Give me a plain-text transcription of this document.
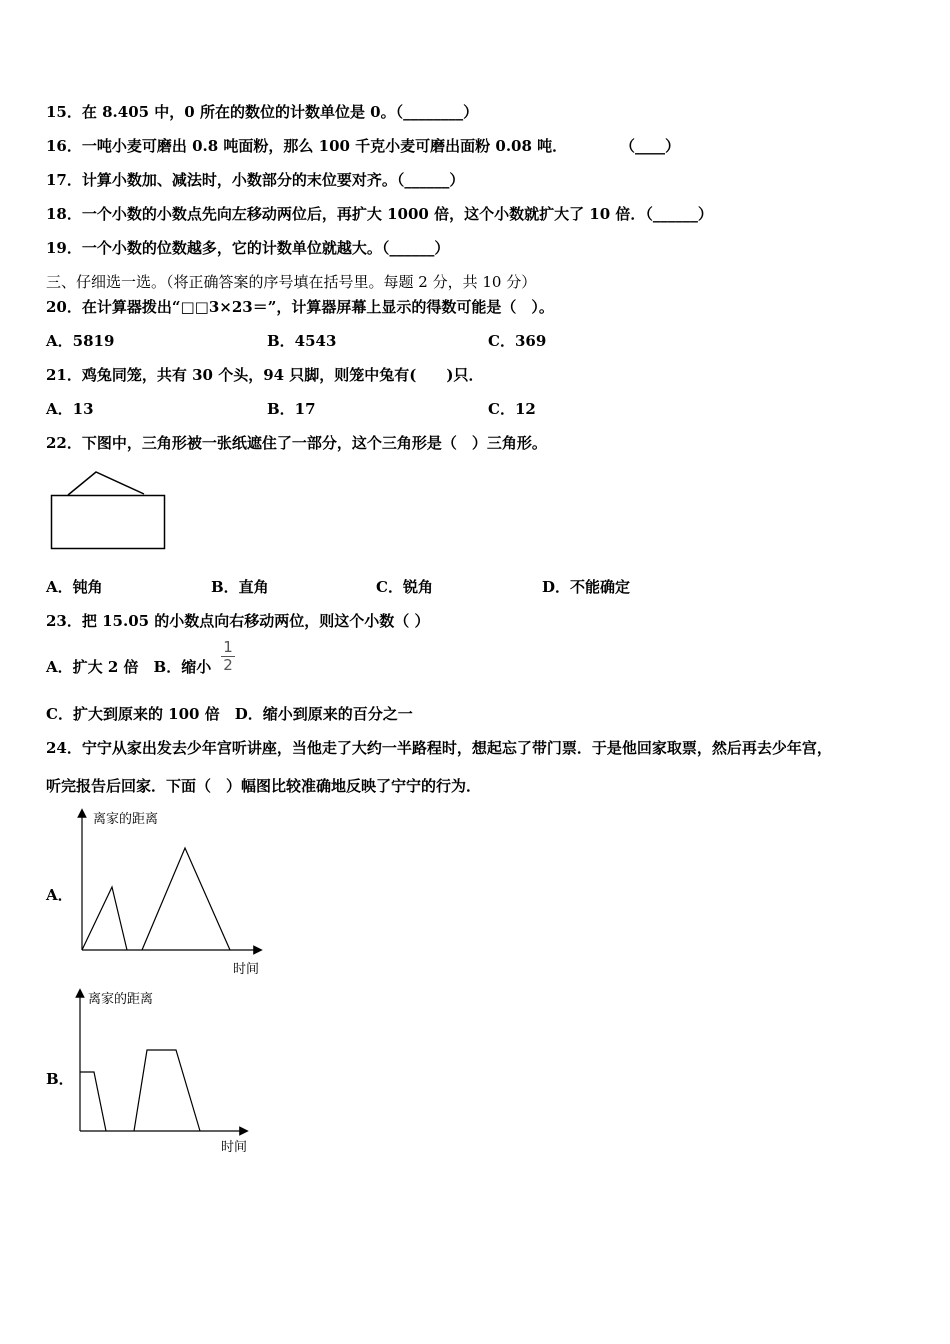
15．在 8.405 中，0 所在的数位的计数单位是 0。（________）
16．一吨小麦可磨出 0.8 吨面粉，那么 100 千克小麦可磨出面粉 0.08 吨．	（____）
17．计算小数加、减法时，小数部分的末位要对齐。（______）
18．一个小数的小数点先向左移动两位后，再扩大 1000 倍，这个小数就扩大了 10 倍．（______）
19．一个小数的位数越多，它的计数单位就越大。（______）
三、仔细选一选。（将正确答案的序号填在括号里。每题 2 分，共 10 分）
20．在计算器拨出“□□3×23＝”，计算器屏幕上显示的得数可能是（　）。
A．5819	B．4543	C．369
21．鸡兔同笼，共有 30 个头，94 只脚，则笼中兔有(　　)只．
A．13	B．17	C．12
22．下图中，三角形被一张纸遮住了一部分，这个三角形是（　）三角形。
A．钝角	B．直角	C．锐角	D．不能确定
23．把 15.05 的小数点向右移动两位，则这个小数（ ）
A．扩大 2 倍　B．缩小
1
2
C．扩大到原来的 100 倍　D．缩小到原来的百分之一
24．宁宁从家出发去少年宫听讲座，当他走了大约一半路程时，想起忘了带门票．于是他回家取票，然后再去少年宫，
听完报告后回家．下面（　）幅图比较准确地反映了宁宁的行为．
A．
离家的距离
时间
B．
离家的距离
时间
